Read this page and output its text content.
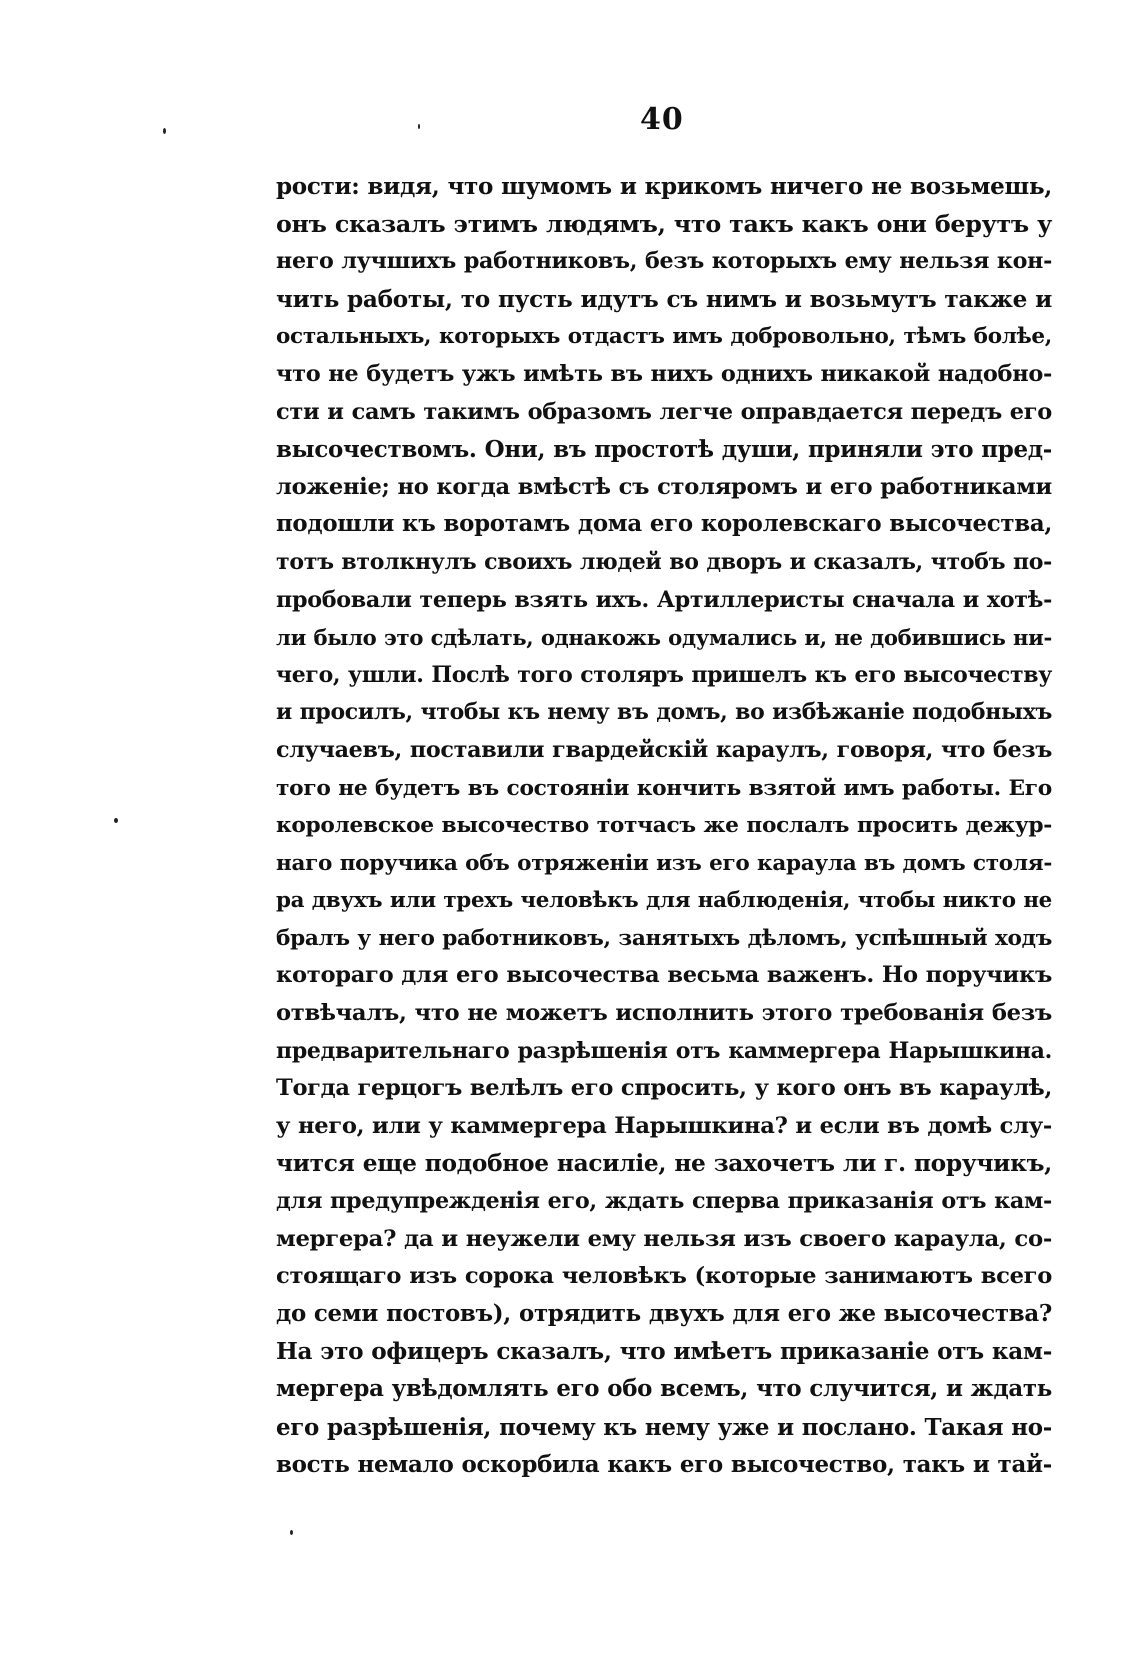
40
рости: видя, что шумомъ и крикомъ ничего не возьмешь,
онъ сказалъ этимъ людямъ, что такъ какъ они берутъ у
него лучшихъ работниковъ, безъ которыхъ ему нельзя кон-
чить работы, то пусть идутъ съ нимъ и возьмутъ также и
остальныхъ, которыхъ отдастъ имъ добровольно, тѣмъ болѣе,
что не будетъ ужъ имѣть въ нихъ однихъ никакой надобно-
сти и самъ такимъ образомъ легче оправдается передъ его
высочествомъ. Они, въ простотѣ души, приняли это пред-
ложеніе; но когда вмѣстѣ съ столяромъ и его работниками
подошли къ воротамъ дома его королевскаго высочества,
тотъ втолкнулъ своихъ людей во дворъ и сказалъ, чтобъ по-
пробовали теперь взять ихъ. Артиллеристы сначала и хотѣ-
ли было это сдѣлать, однакожь одумались и, не добившись ни-
чего, ушли. Послѣ того столяръ пришелъ къ его высочеству
и просилъ, чтобы къ нему въ домъ, во избѣжаніе подобныхъ
случаевъ, поставили гвардейскій караулъ, говоря, что безъ
того не будетъ въ состояніи кончить взятой имъ работы. Его
королевское высочество тотчасъ же послалъ просить дежур-
наго поручика объ отряженіи изъ его караула въ домъ столя-
ра двухъ или трехъ человѣкъ для наблюденія, чтобы никто не
бралъ у него работниковъ, занятыхъ дѣломъ, успѣшный ходъ
котораго для его высочества весьма важенъ. Но поручикъ
отвѣчалъ, что не можетъ исполнить этого требованія безъ
предварительнаго разрѣшенія отъ каммергера Нарышкина.
Тогда герцогъ велѣлъ его спросить, у кого онъ въ караулѣ,
у него, или у каммергера Нарышкина? и если въ домѣ слу-
чится еще подобное насиліе, не захочетъ ли г. поручикъ,
для предупрежденія его, ждать сперва приказанія отъ кам-
мергера? да и неужели ему нельзя изъ своего караула, со-
стоящаго изъ сорока человѣкъ (которые занимаютъ всего
до семи постовъ), отрядить двухъ для его же высочества?
На это офицеръ сказалъ, что имѣетъ приказаніе отъ кам-
мергера увѣдомлять его обо всемъ, что случится, и ждать
его разрѣшенія, почему къ нему уже и послано. Такая но-
вость немало оскорбила какъ его высочество, такъ и тай-
